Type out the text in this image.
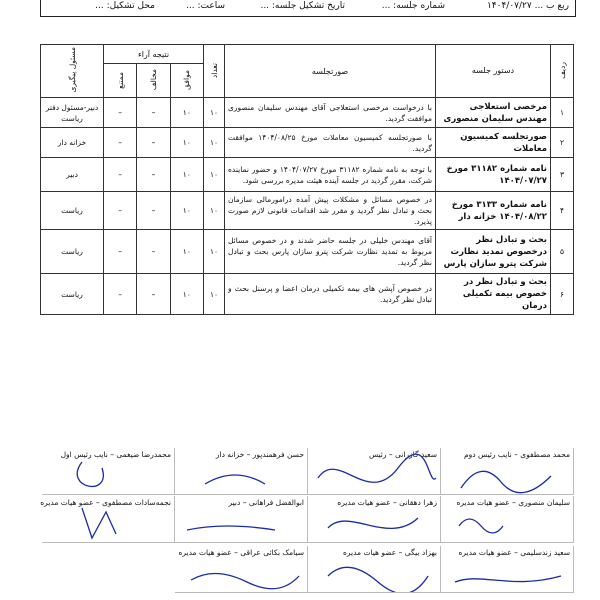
ربع ب ... ۱۴۰۴/۰۷/۲۷
شماره جلسه: ...
تاریخ تشکیل جلسه: ...
ساعت: ...
محل تشکیل: ...
ردیف	دستور جلسه	صورتجلسه	تعداد	نتیجه آراء			مسئول پیگیری
				موافق	مخالف	ممتنع	
۱	مرخصی استعلاجی مهندس سلیمان منصوری	با درخواست مرخصی استعلاجی آقای مهندس سلیمان منصوری موافقت گردید.	۱۰	۱۰	–	–	دبیر-مسئول دفتر ریاست
۲	صورتجلسه کمیسیون معاملات	با صورتجلسه کمیسیون معاملات مورخ ۱۴۰۴/۰۸/۲۵ موافقت گردید.	۱۰	۱۰	–	–	خزانه دار
۳	نامه شماره ۳۱۱۸۲ مورخ ۱۴۰۴/۰۷/۲۷	با توجه به نامه شماره ۳۱۱۸۲ مورخ ۱۴۰۴/۰۷/۲۷ و حضور نماینده شرکت، مقرر گردید در جلسه آینده هیئت مدیره بررسی شود.	۱۰	۱۰	–	–	دبیر
۴	نامه شماره ۳۱۳۳ مورخ ۱۴۰۴/۰۸/۲۲ خزانه دار	در خصوص مسائل و مشکلات پیش آمده درامورمالی سازمان بحث و تبادل نظر گردید و مقرر شد اقدامات قانونی لازم صورت پذیرد.	۱۰	۱۰	–	–	ریاست
۵	بحث و تبادل نظر درخصوص تمدید نظارت شرکت پترو سازان پارس	آقای مهندس خلیلی در جلسه حاضر شدند و در خصوص مسائل مربوط به تمدید نظارت شرکت پترو سازان پارس بحث و تبادل نظر گردید.	۱۰	۱۰	–	–	ریاست
۶	بحث و تبادل نظر در خصوص بیمه تکمیلی درمان	در خصوص آپشن های بیمه تکمیلی درمان اعضا و پرسنل بحث و تبادل نظر گردید.	۱۰	۱۰	–	–	ریاست
محمد مصطفوی – نایب رئیس دوم
سعید گازرانی – رئیس
حسن فرهمندپور – خزانه دار
محمدرضا ضیغمی – نایب رئیس اول
سلیمان منصوری – عضو هیات مدیره
زهرا دهقانی – عضو هیات مدیره
ابوالفضل فراهانی – دبیر
نجمه‌سادات مصطفوی – عضو هیات مدیره
سعید زندسلیمی – عضو هیات مدیره
بهزاد بیگی – عضو هیات مدیره
سیامک بکائی عراقی – عضو هیات مدیره
